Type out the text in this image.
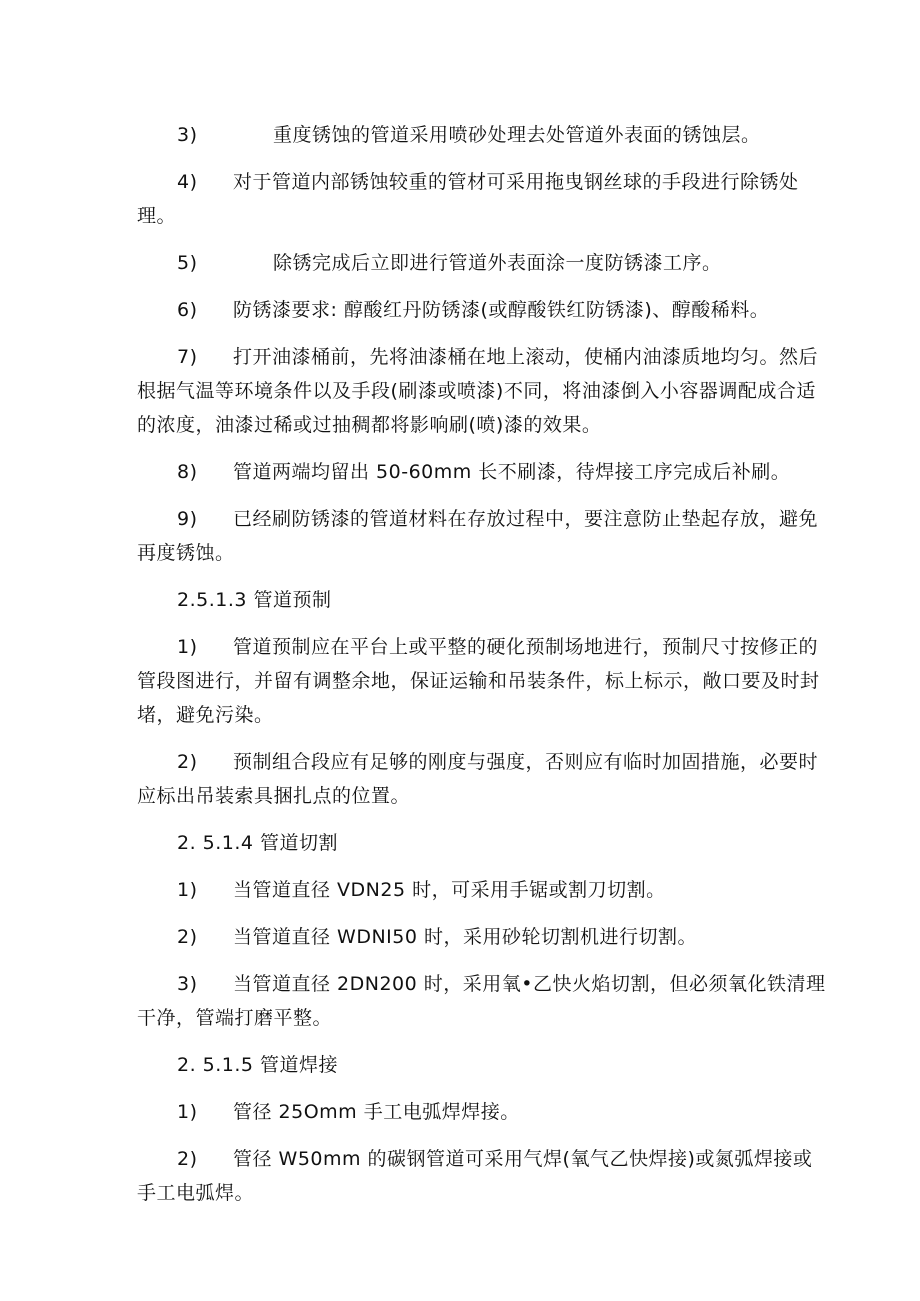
3)	重度锈蚀的管道采用喷砂处理去处管道外表面的锈蚀层。

4) 对于管道内部锈蚀较重的管材可采用拖曳钢丝球的手段进行除锈处理。

5)	除锈完成后立即进行管道外表面涂一度防锈漆工序。

6) 防锈漆要求: 醇酸红丹防锈漆(或醇酸铁红防锈漆)、醇酸稀料。

7) 打开油漆桶前，先将油漆桶在地上滚动，使桶内油漆质地均匀。然后根据气温等环境条件以及手段(刷漆或喷漆)不同，将油漆倒入小容器调配成合适的浓度，油漆过稀或过抽稠都将影响刷(喷)漆的效果。

8) 管道两端均留出 50-60mm 长不刷漆，待焊接工序完成后补刷。

9) 已经刷防锈漆的管道材料在存放过程中，要注意防止垫起存放，避免再度锈蚀。

2.5.1.3 管道预制

1) 管道预制应在平台上或平整的硬化预制场地进行，预制尺寸按修正的管段图进行，并留有调整余地，保证运输和吊装条件，标上标示，敞口要及时封堵，避免污染。

2) 预制组合段应有足够的刚度与强度，否则应有临时加固措施，必要时应标出吊装索具捆扎点的位置。

2. 5.1.4 管道切割

1) 当管道直径 VDN25 时，可采用手锯或割刀切割。

2) 当管道直径 WDNI50 时，采用砂轮切割机进行切割。

3) 当管道直径 2DN200 时，采用氧•乙快火焰切割，但必须氧化铁清理干净，管端打磨平整。

2. 5.1.5 管道焊接

1) 管径 25Omm 手工电弧焊焊接。

2) 管径 W50mm 的碳钢管道可采用气焊(氧气乙快焊接)或氮弧焊接或手工电弧焊。
